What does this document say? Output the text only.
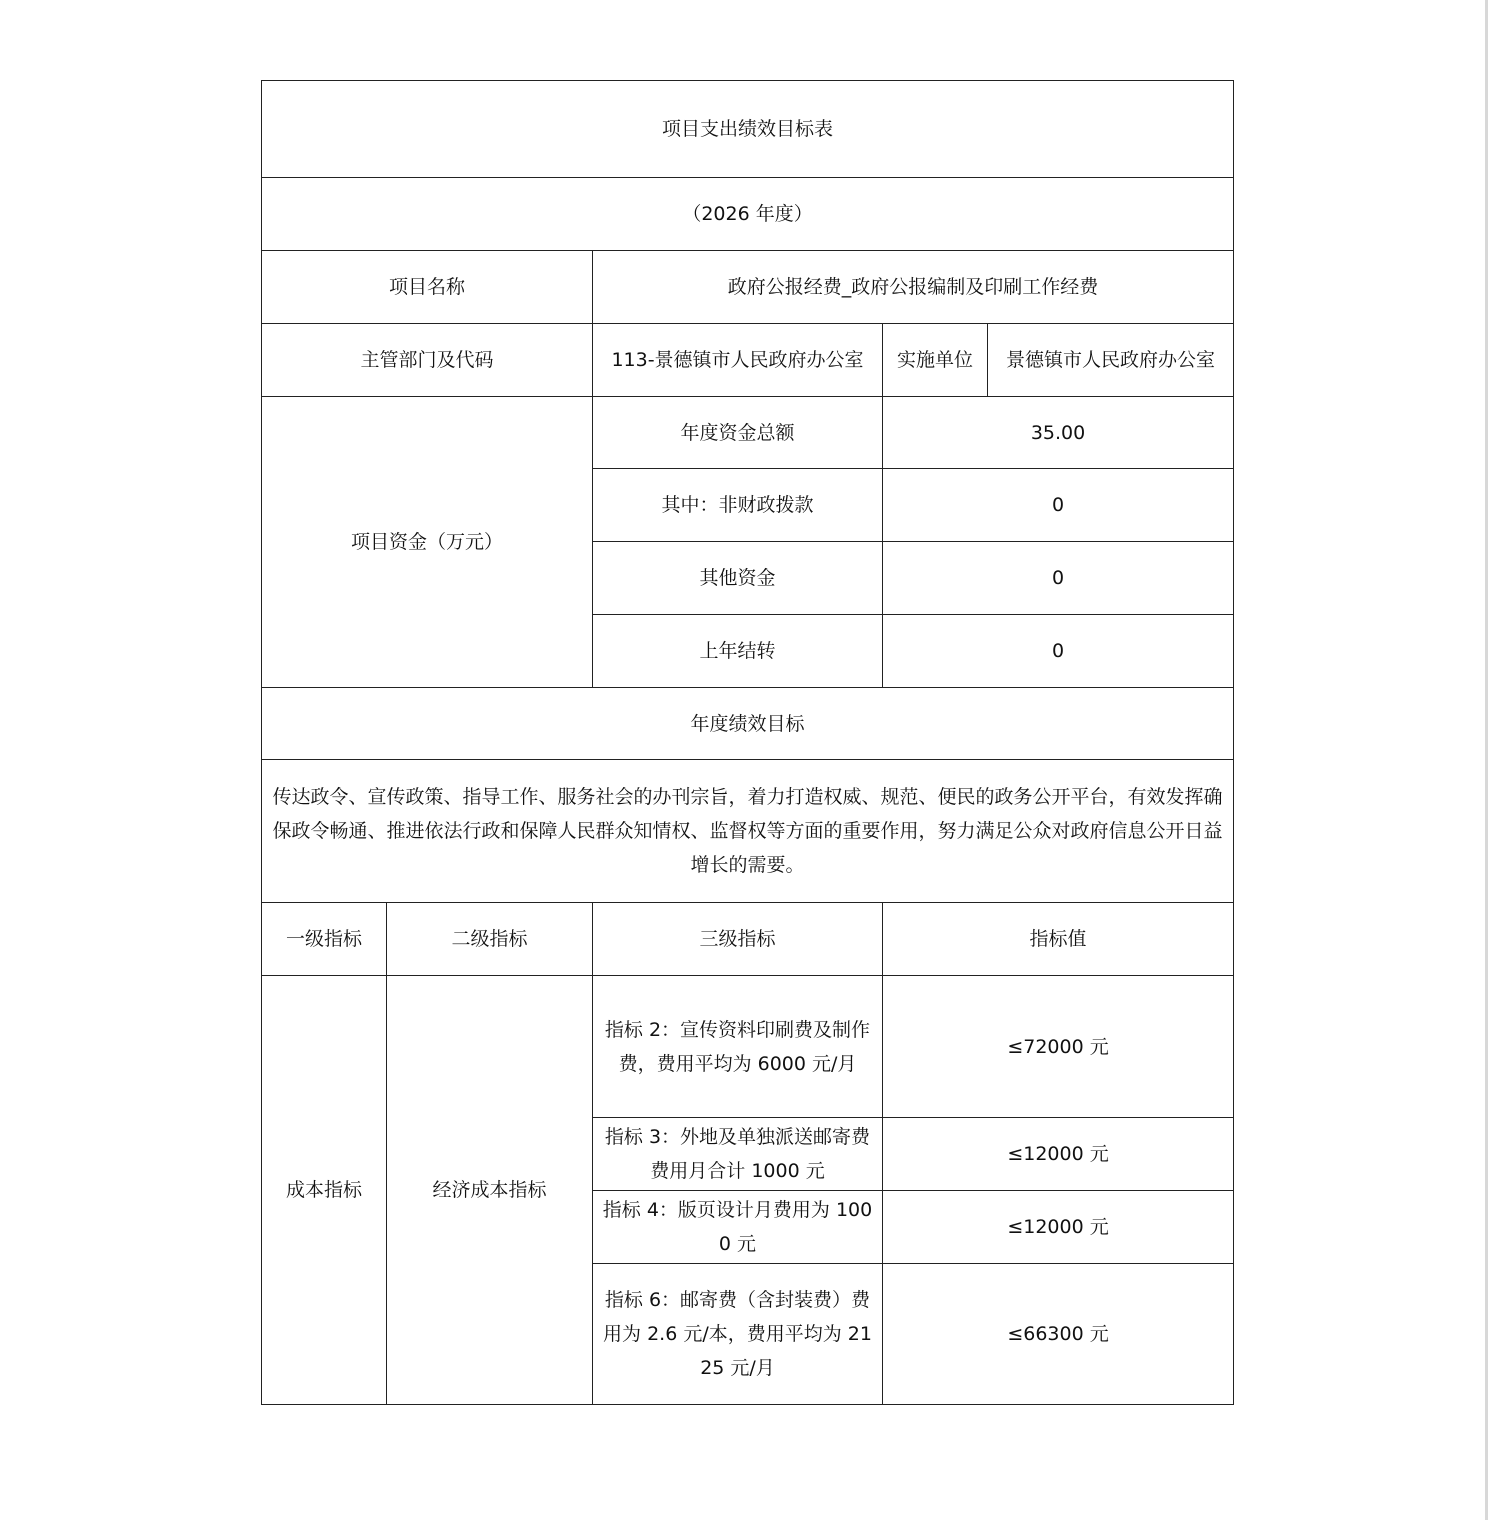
项目支出绩效目标表				
（2026 年度）				
项目名称		政府公报经费_政府公报编制及印刷工作经费		
主管部门及代码		113-景德镇市人民政府办公室	实施单位	景德镇市人民政府办公室
项目资金（万元）		年度资金总额	35.00	
		其中：非财政拨款	0	
		其他资金	0	
		上年结转	0	
年度绩效目标				
传达政令、宣传政策、指导工作、服务社会的办刊宗旨，着力打造权威、规范、便民的政务公开平台，有效发挥确保政令畅通、推进依法行政和保障人民群众知情权、监督权等方面的重要作用，努力满足公众对政府信息公开日益增长的需要。				
一级指标	二级指标	三级指标	指标值	
成本指标	经济成本指标	指标 2：宣传资料印刷费及制作费，费用平均为 6000 元/月	≤72000 元	
		指标 3：外地及单独派送邮寄费费用月合计 1000 元	≤12000 元	
		指标 4：版页设计月费用为 1000 元	≤12000 元	
		指标 6：邮寄费（含封装费）费用为 2.6 元/本，费用平均为 2125 元/月	≤66300 元	
